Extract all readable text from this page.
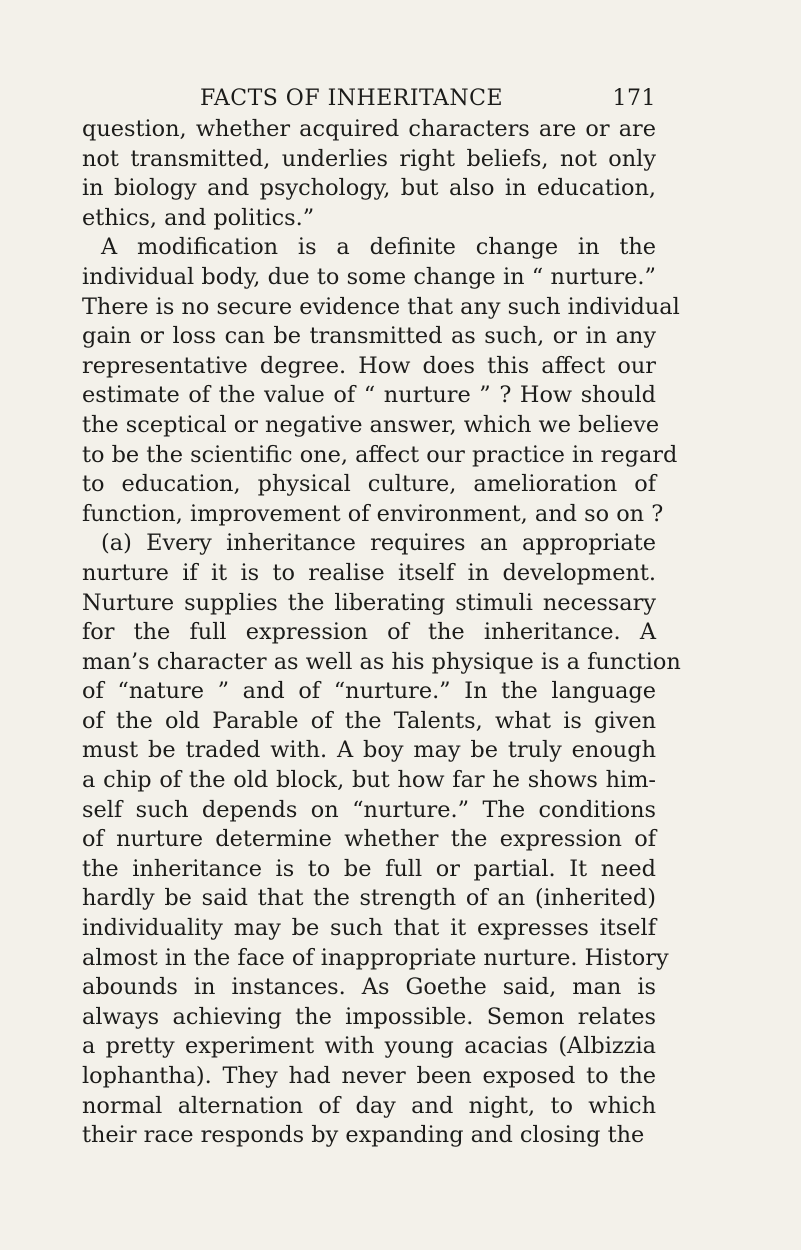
FACTS OF INHERITANCE	171
question, whether acquired characters are or are
not transmitted, underlies right beliefs, not only
in biology and psychology, but also in education,
ethics, and politics.”
A modification is a definite change in the
individual body, due to some change in “ nurture.”
There is no secure evidence that any such individual
gain or loss can be transmitted as such, or in any
representative degree. How does this affect our
estimate of the value of “ nurture ” ? How should
the sceptical or negative answer, which we believe
to be the scientific one, affect our practice in regard
to education, physical culture, amelioration of
function, improvement of environment, and so on ?
(a) Every inheritance requires an appropriate
nurture if it is to realise itself in development.
Nurture supplies the liberating stimuli necessary
for the full expression of the inheritance. A
man’s character as well as his physique is a function
of “nature ” and of “nurture.” In the language
of the old Parable of the Talents, what is given
must be traded with. A boy may be truly enough
a chip of the old block, but how far he shows him-
self such depends on “nurture.” The conditions
of nurture determine whether the expression of
the inheritance is to be full or partial. It need
hardly be said that the strength of an (inherited)
individuality may be such that it expresses itself
almost in the face of inappropriate nurture. History
abounds in instances. As Goethe said, man is
always achieving the impossible. Semon relates
a pretty experiment with young acacias (Albizzia
lophantha). They had never been exposed to the
normal alternation of day and night, to which
their race responds by expanding and closing the
